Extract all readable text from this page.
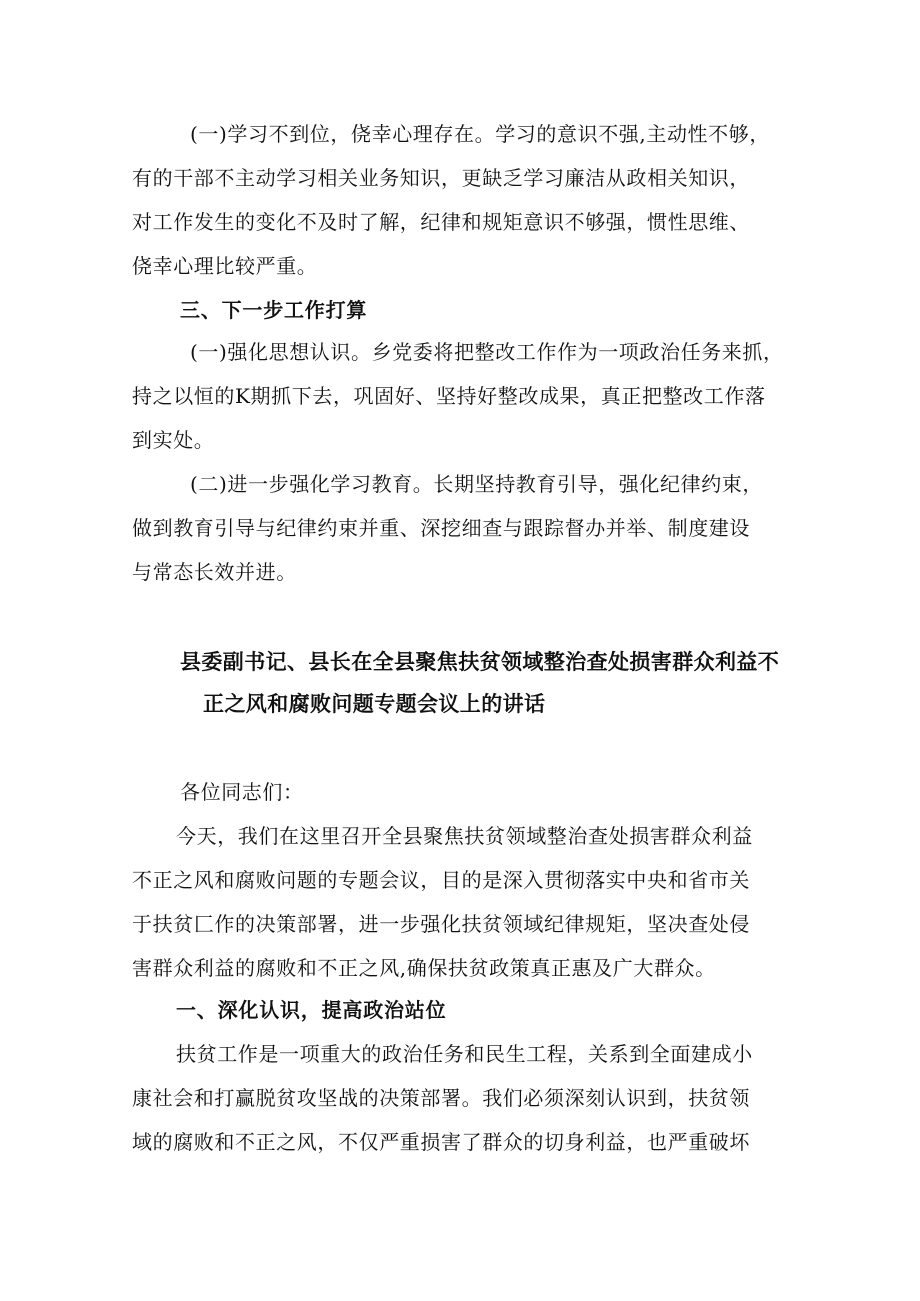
(一)学习不到位，侥幸心理存在。学习的意识不强,主动性不够，
有的干部不主动学习相关业务知识，更缺乏学习廉洁从政相关知识，
对工作发生的变化不及时了解，纪律和规矩意识不够强，惯性思维、
侥幸心理比较严重。
三、下一步工作打算
(一)强化思想认识。乡党委将把整改工作作为一项政治任务来抓，
持之以恒的K期抓下去，巩固好、坚持好整改成果，真正把整改工作落
到实处。
(二)进一步强化学习教育。长期坚持教育引导，强化纪律约束，
做到教育引导与纪律约束并重、深挖细查与跟踪督办并举、制度建设
与常态长效并进。
县委副书记、县长在全县聚焦扶贫领域整治查处损害群众利益不
正之风和腐败问题专题会议上的讲话
各位同志们：
今天，我们在这里召开全县聚焦扶贫领域整治查处损害群众利益
不正之风和腐败问题的专题会议，目的是深入贯彻落实中央和省市关
于扶贫匚作的决策部署，进一步强化扶贫领域纪律规矩，坚决查处侵
害群众利益的腐败和不正之风,确保扶贫政策真正惠及广大群众。
一、深化认识，提高政治站位
扶贫工作是一项重大的政治任务和民生工程，关系到全面建成小
康社会和打赢脱贫攻坚战的决策部署。我们必须深刻认识到，扶贫领
域的腐败和不正之风，不仅严重损害了群众的切身利益，也严重破坏
